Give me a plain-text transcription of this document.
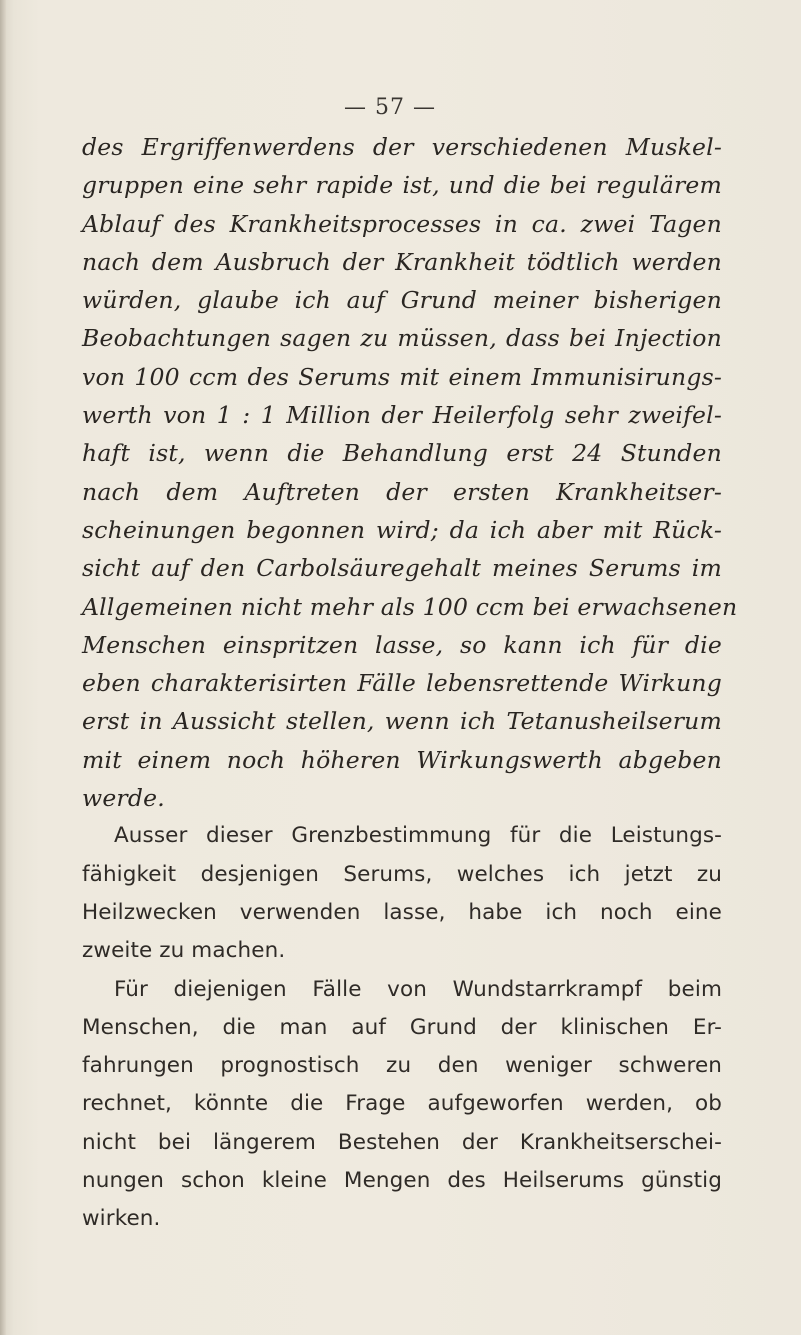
— 57 —
des Ergriffenwerdens der verschiedenen Muskel-
gruppen eine sehr rapide ist, und die bei regulärem
Ablauf des Krankheitsprocesses in ca. zwei Tagen
nach dem Ausbruch der Krankheit tödtlich werden
würden, glaube ich auf Grund meiner bisherigen
Beobachtungen sagen zu müssen, dass bei Injection
von 100 ccm des Serums mit einem Immunisirungs-
werth von 1 : 1 Million der Heilerfolg sehr zweifel-
haft ist, wenn die Behandlung erst 24 Stunden
nach dem Auftreten der ersten Krankheitser-
scheinungen begonnen wird; da ich aber mit Rück-
sicht auf den Carbolsäuregehalt meines Serums im
Allgemeinen nicht mehr als 100 ccm bei erwachsenen
Menschen einspritzen lasse, so kann ich für die
eben charakterisirten Fälle lebensrettende Wirkung
erst in Aussicht stellen, wenn ich Tetanusheilserum
mit einem noch höheren Wirkungswerth abgeben
werde.
Ausser dieser Grenzbestimmung für die Leistungs-
fähigkeit desjenigen Serums, welches ich jetzt zu
Heilzwecken verwenden lasse, habe ich noch eine
zweite zu machen.
Für diejenigen Fälle von Wundstarrkrampf beim
Menschen, die man auf Grund der klinischen Er-
fahrungen prognostisch zu den weniger schweren
rechnet, könnte die Frage aufgeworfen werden, ob
nicht bei längerem Bestehen der Krankheitserschei-
nungen schon kleine Mengen des Heilserums günstig
wirken.
